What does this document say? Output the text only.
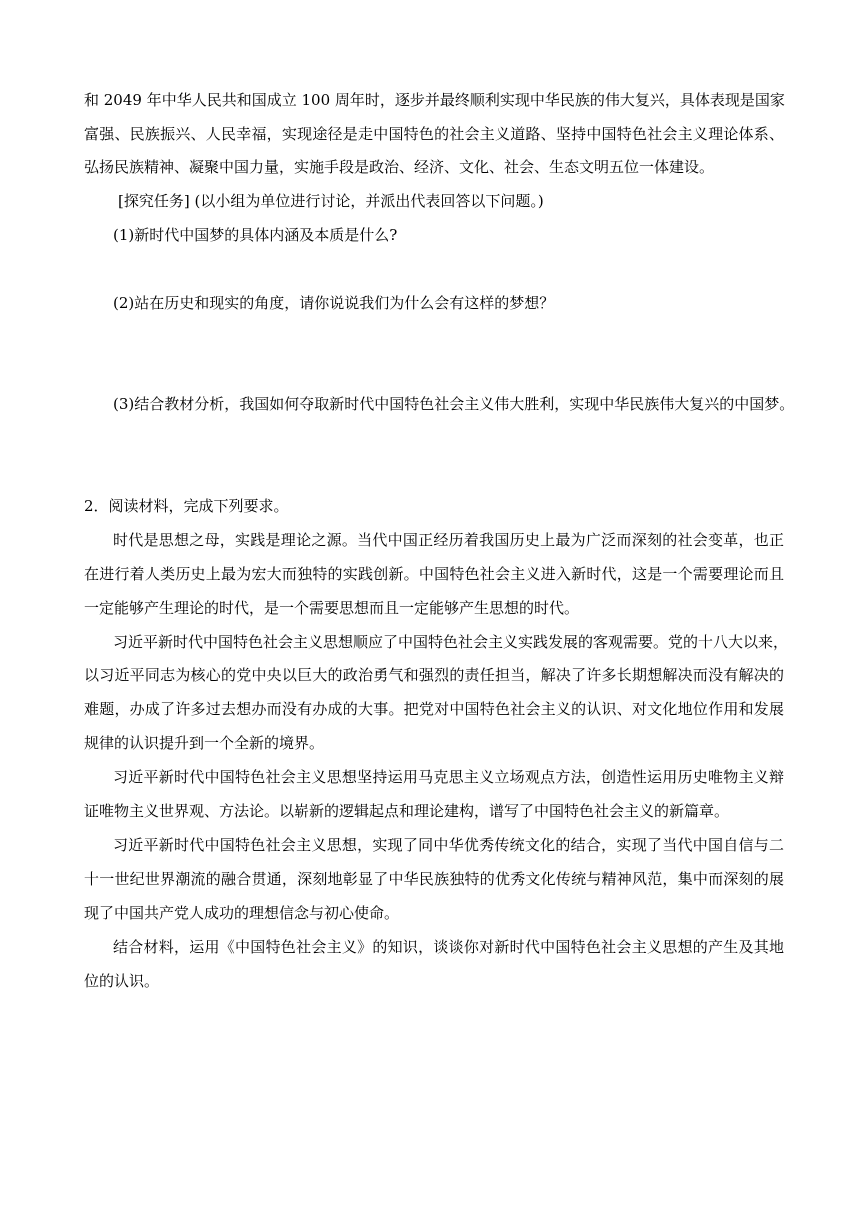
和 2049 年中华人民共和国成立 100 周年时，逐步并最终顺利实现中华民族的伟大复兴，具体表现是国家
富强、民族振兴、人民幸福，实现途径是走中国特色的社会主义道路、坚持中国特色社会主义理论体系、
弘扬民族精神、凝聚中国力量，实施手段是政治、经济、文化、社会、生态文明五位一体建设。
[探究任务] (以小组为单位进行讨论，并派出代表回答以下问题。)
(1)新时代中国梦的具体内涵及本质是什么?
(2)站在历史和现实的角度，请你说说我们为什么会有这样的梦想？
(3)结合教材分析，我国如何夺取新时代中国特色社会主义伟大胜利，实现中华民族伟大复兴的中国梦。
2．阅读材料，完成下列要求。
时代是思想之母，实践是理论之源。当代中国正经历着我国历史上最为广泛而深刻的社会变革，也正
在进行着人类历史上最为宏大而独特的实践创新。中国特色社会主义进入新时代，这是一个需要理论而且
一定能够产生理论的时代，是一个需要思想而且一定能够产生思想的时代。
习近平新时代中国特色社会主义思想顺应了中国特色社会主义实践发展的客观需要。党的十八大以来，
以习近平同志为核心的党中央以巨大的政治勇气和强烈的责任担当，解决了许多长期想解决而没有解决的
难题，办成了许多过去想办而没有办成的大事。把党对中国特色社会主义的认识、对文化地位作用和发展
规律的认识提升到一个全新的境界。
习近平新时代中国特色社会主义思想坚持运用马克思主义立场观点方法，创造性运用历史唯物主义辩
证唯物主义世界观、方法论。以崭新的逻辑起点和理论建构，谱写了中国特色社会主义的新篇章。
习近平新时代中国特色社会主义思想，实现了同中华优秀传统文化的结合，实现了当代中国自信与二
十一世纪世界潮流的融合贯通，深刻地彰显了中华民族独特的优秀文化传统与精神风范，集中而深刻的展
现了中国共产党人成功的理想信念与初心使命。
结合材料，运用《中国特色社会主义》的知识，谈谈你对新时代中国特色社会主义思想的产生及其地
位的认识。
